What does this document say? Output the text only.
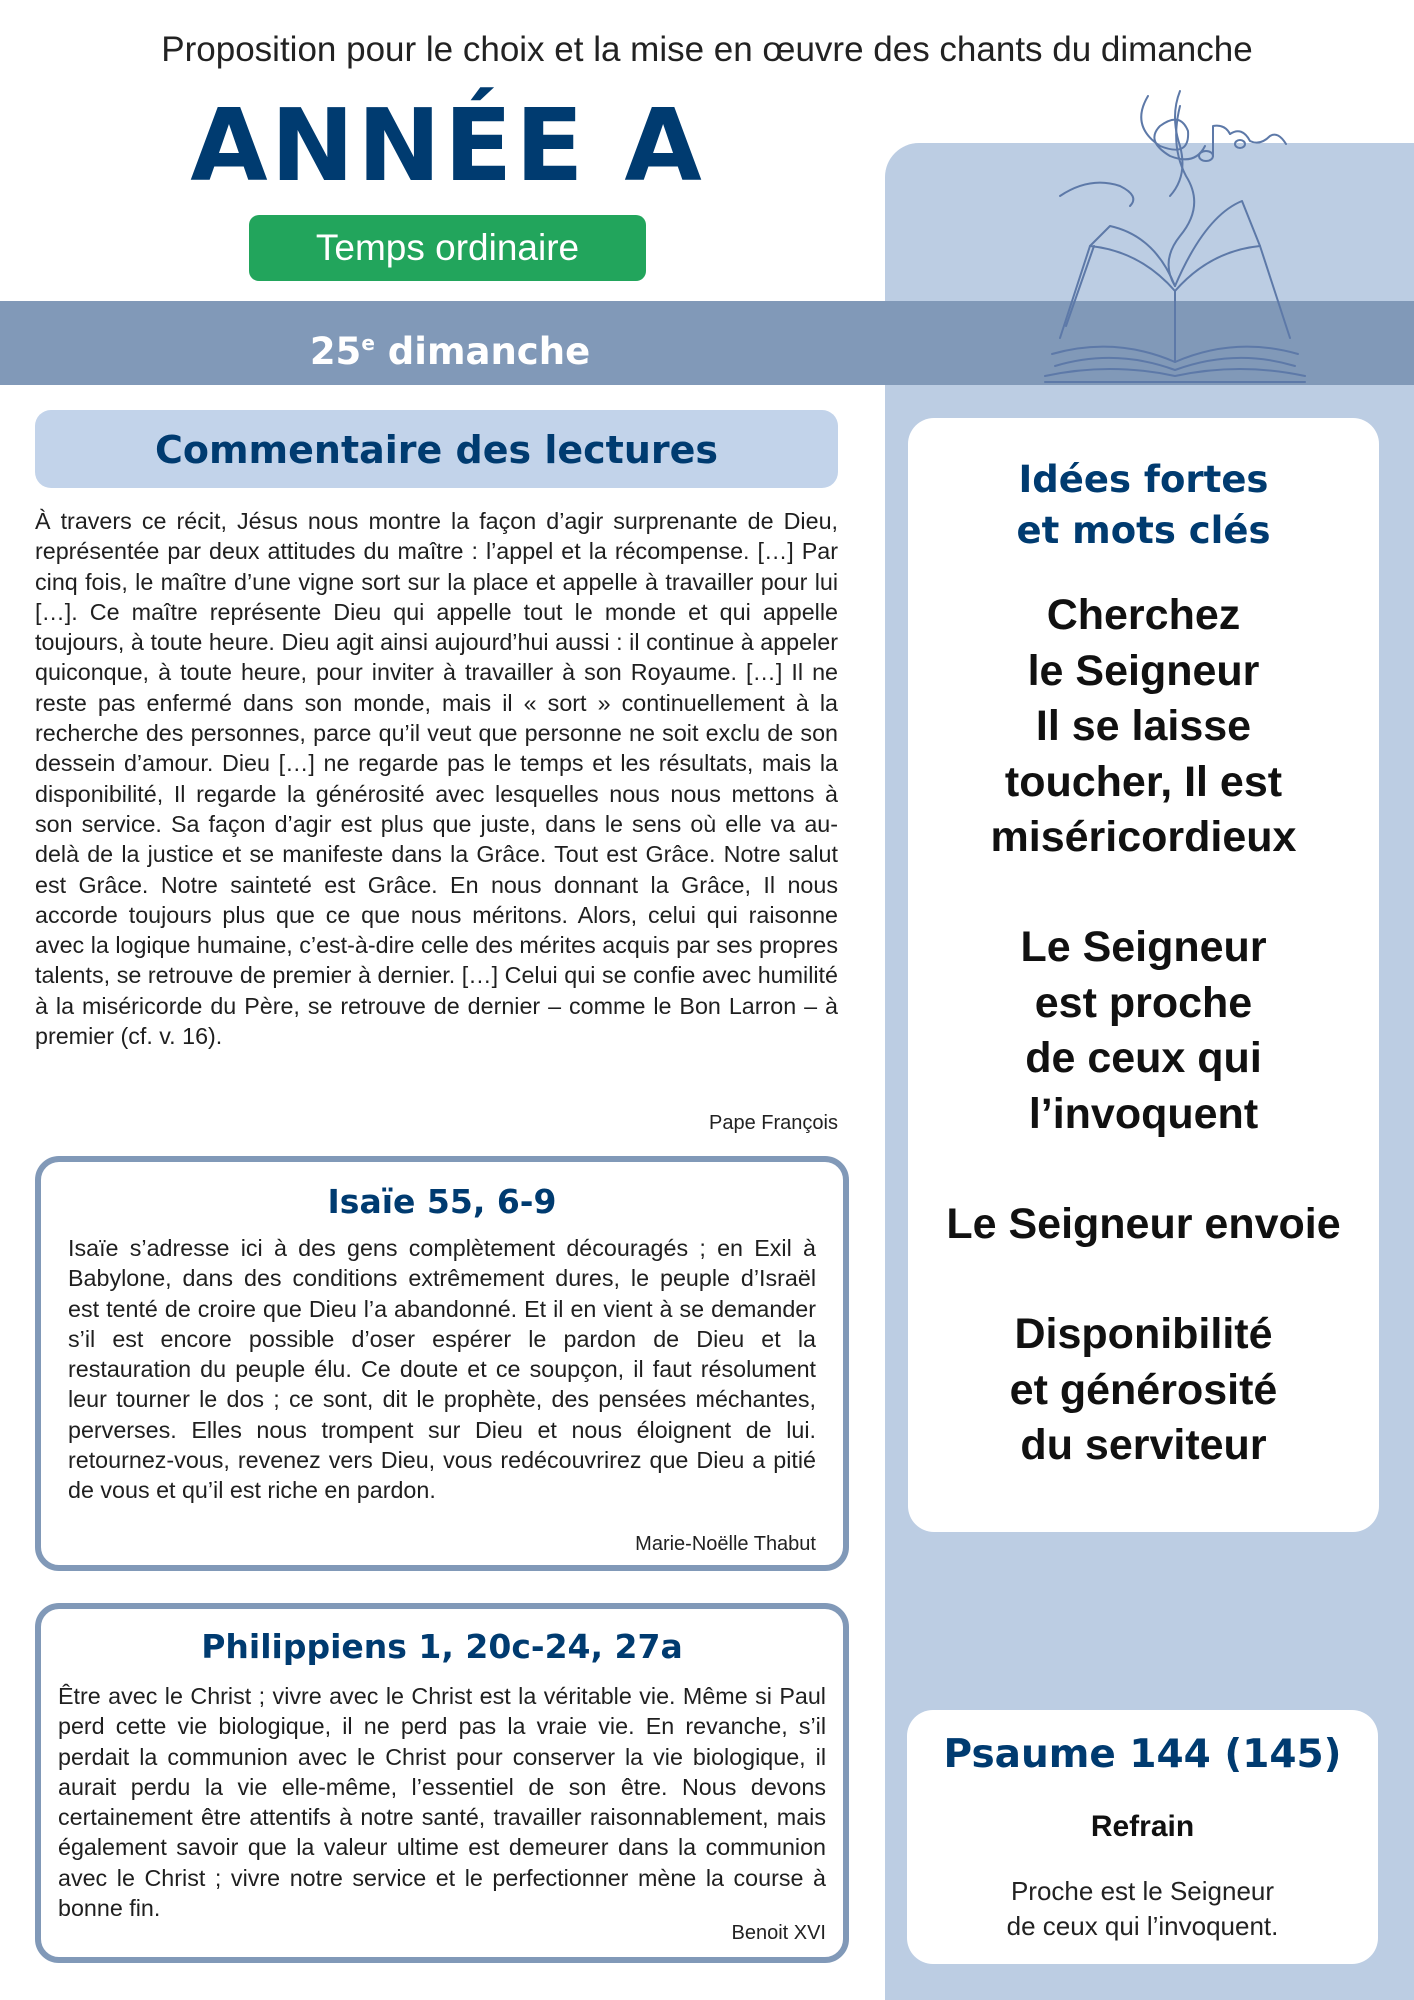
Proposition pour le choix et la mise en œuvre des chants du dimanche
ANNÉE A
Temps ordinaire
25e dimanche
Commentaire des lectures

À travers ce récit, Jésus nous montre la façon d’agir surprenante de Dieu, représentée par deux attitudes du maître : l’appel et la récompense. […] Par cinq fois, le maître d’une vigne sort sur la place et appelle à travailler pour lui […]. Ce maître représente Dieu qui appelle tout le monde et qui appelle toujours, à toute heure. Dieu agit ainsi aujourd’hui aussi : il continue à appeler quiconque, à toute heure, pour inviter à travailler à son Royaume. […] Il ne reste pas enfermé dans son monde, mais il « sort » continuellement à la recherche des personnes, parce qu’il veut que personne ne soit exclu de son dessein d’amour. Dieu […] ne regarde pas le temps et les résultats, mais la disponibilité, Il regarde la générosité avec lesquelles nous nous mettons à son service. Sa façon d’agir est plus que juste, dans le sens où elle va au-delà de la justice et se manifeste dans la Grâce. Tout est Grâce. Notre salut est Grâce. Notre sainteté est Grâce. En nous donnant la Grâce, Il nous accorde toujours plus que ce que nous méritons. Alors, celui qui raisonne avec la logique humaine, c’est-à-dire celle des mérites acquis par ses propres talents, se retrouve de premier à dernier. […] Celui qui se confie avec humilité à la miséricorde du Père, se retrouve de dernier – comme le Bon Larron – à premier (cf. v. 16).

Pape François
Isaïe 55, 6-9

Isaïe s’adresse ici à des gens complètement découragés ; en Exil à Babylone, dans des conditions extrêmement dures, le peuple d’Israël est tenté de croire que Dieu l’a abandonné. Et il en vient à se demander s’il est encore possible d’oser espérer le pardon de Dieu et la restauration du peuple élu. Ce doute et ce soupçon, il faut résolument leur tourner le dos ; ce sont, dit le prophète, des pensées méchantes, perverses. Elles nous trompent sur Dieu et nous éloignent de lui. retournez-vous, revenez vers Dieu, vous redécouvrirez que Dieu a pitié de vous et qu’il est riche en pardon.

Marie-Noëlle Thabut
Philippiens 1, 20c-24, 27a

Être avec le Christ ; vivre avec le Christ est la véritable vie. Même si Paul perd cette vie biologique, il ne perd pas la vraie vie. En revanche, s’il perdait la communion avec le Christ pour conserver la vie biologique, il aurait perdu la vie elle-même, l’essentiel de son être. Nous devons certainement être attentifs à notre santé, travailler raisonnablement, mais également savoir que la valeur ultime est demeurer dans la communion avec le Christ ; vivre notre service et le perfectionner mène la course à bonne fin.

Benoit XVI
Idées fortes
et mots clés
Cherchez
le Seigneur
Il se laisse
toucher, Il est
miséricordieux
Le Seigneur
est proche
de ceux qui
l’invoquent
Le Seigneur envoie
Disponibilité
et générosité
du serviteur
Psaume 144 (145)
Refrain
Proche est le Seigneur
de ceux qui l’invoquent.
